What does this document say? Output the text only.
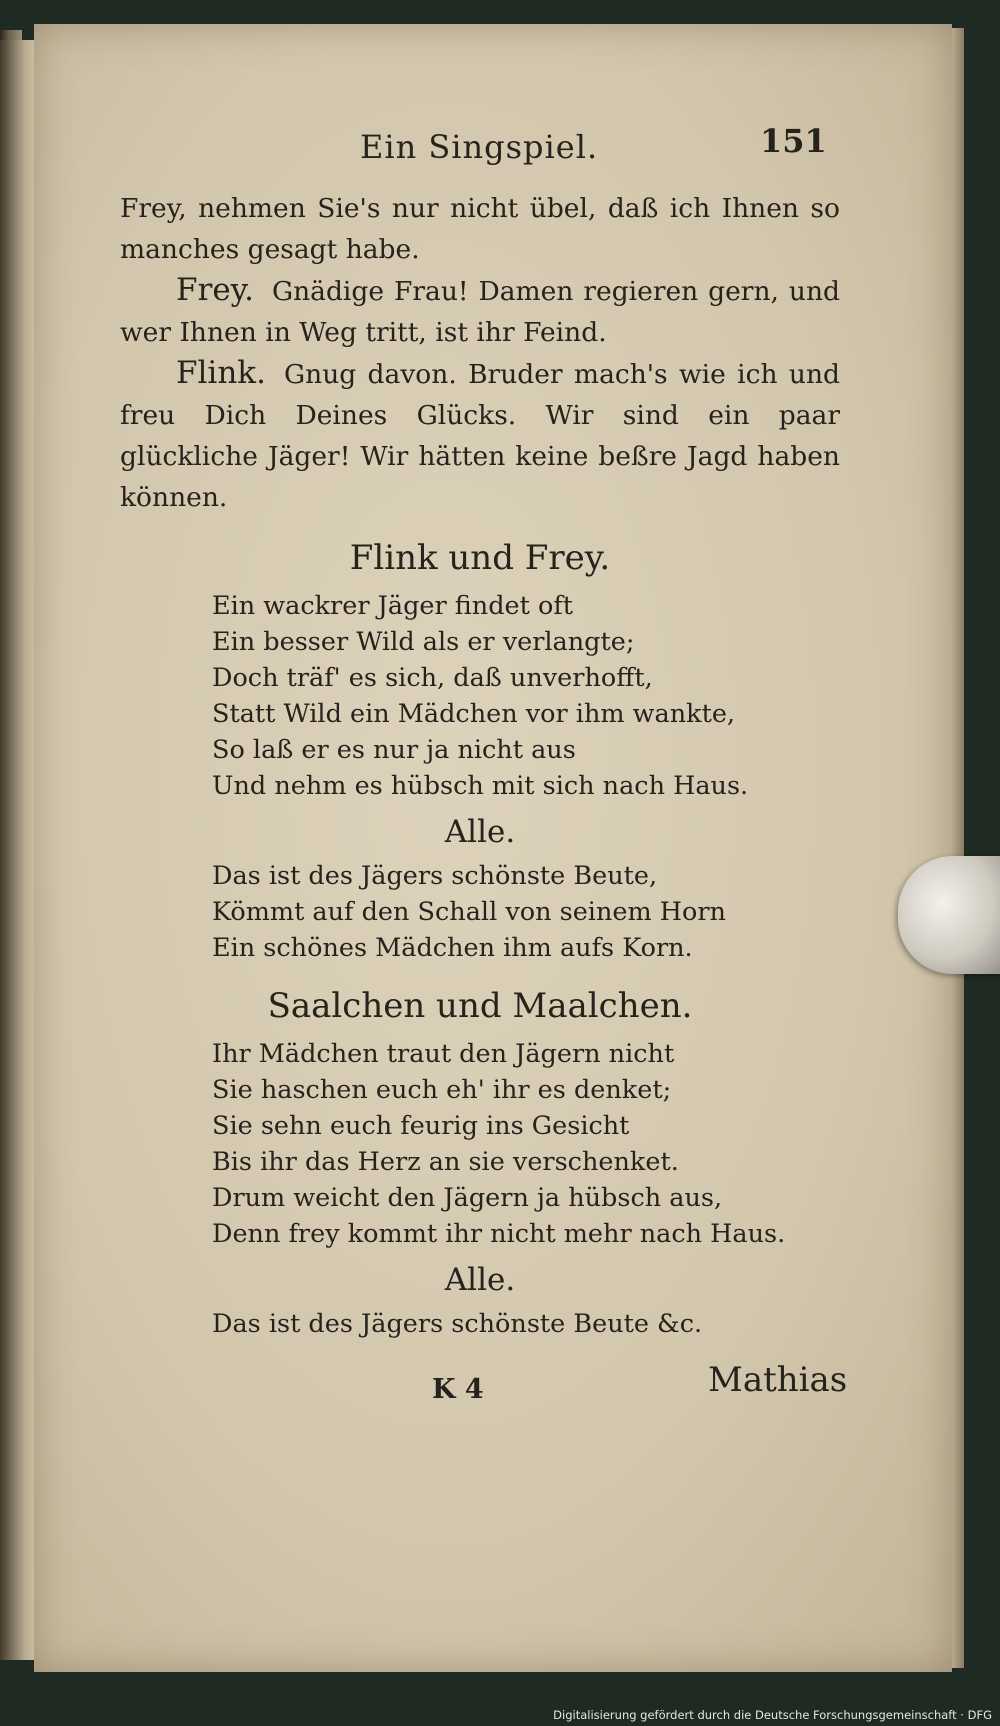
Ein Singspiel.	151

Frey, nehmen Sie's nur nicht übel, daß ich Ihnen so manches gesagt habe.

Frey. Gnädige Frau! Damen regieren gern, und wer Ihnen in Weg tritt, ist ihr Feind.

Flink. Gnug davon. Bruder mach's wie ich und freu Dich Deines Glücks. Wir sind ein paar glückliche Jäger! Wir hätten keine beßre Jagd haben können.

Flink und Frey.
Ein wackrer Jäger findet oft
Ein besser Wild als er verlangte;
Doch träf' es sich, daß unverhofft,
Statt Wild ein Mädchen vor ihm wankte,
So laß er es nur ja nicht aus
Und nehm es hübsch mit sich nach Haus.
Alle.
Das ist des Jägers schönste Beute,
Kömmt auf den Schall von seinem Horn
Ein schönes Mädchen ihm aufs Korn.
Saalchen und Maalchen.
Ihr Mädchen traut den Jägern nicht
Sie haschen euch eh' ihr es denket;
Sie sehn euch feurig ins Gesicht
Bis ihr das Herz an sie verschenket.
Drum weicht den Jägern ja hübsch aus,
Denn frey kommt ihr nicht mehr nach Haus.
Alle.
Das ist des Jägers schönste Beute &c.
K 4	Mathias
Digitalisierung gefördert durch die Deutsche Forschungsgemeinschaft · DFG
